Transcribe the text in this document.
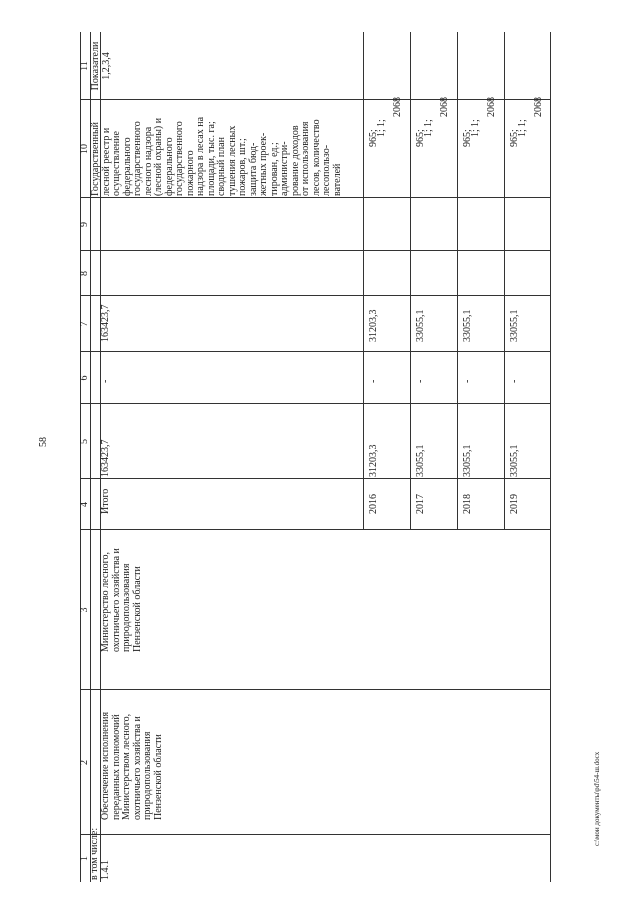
58
1
2
3
4
5
6
7
8
9
10
11
в том числе: 1.4.1
Обеспечение исполнения переданных полномочий Министерством лесного, охотничьего хозяйства и природопользования Пензенской области
Министерство лесного, охотничьего хозяйства и природопользования Пензенской области
Итого
163423,7
-
163423,7
Государственный лесной реестр и осуществление федерального государственного лесного надзора (лесной охраны) и федерального государственного пожарного надзора в лесах на площади, тыс. га; сводный план тушения лесных пожаров, шт.; защита бюд- жетных проек- тирован, ед.; администри- рование доходов от использования лесов, количество лесопользо- вателей
Показатели 1,2,3,4
2016
31203,3
-
31203,3
965;
1;
1;
2068
2017
33055,1
-
33055,1
965;
1;
1;
2068
2018
33055,1
-
33055,1
965;
1;
1;
2068
2019
33055,1
-
33055,1
965;
1;
1;
2068
c:\мои документы\pd\54-ш.docx
